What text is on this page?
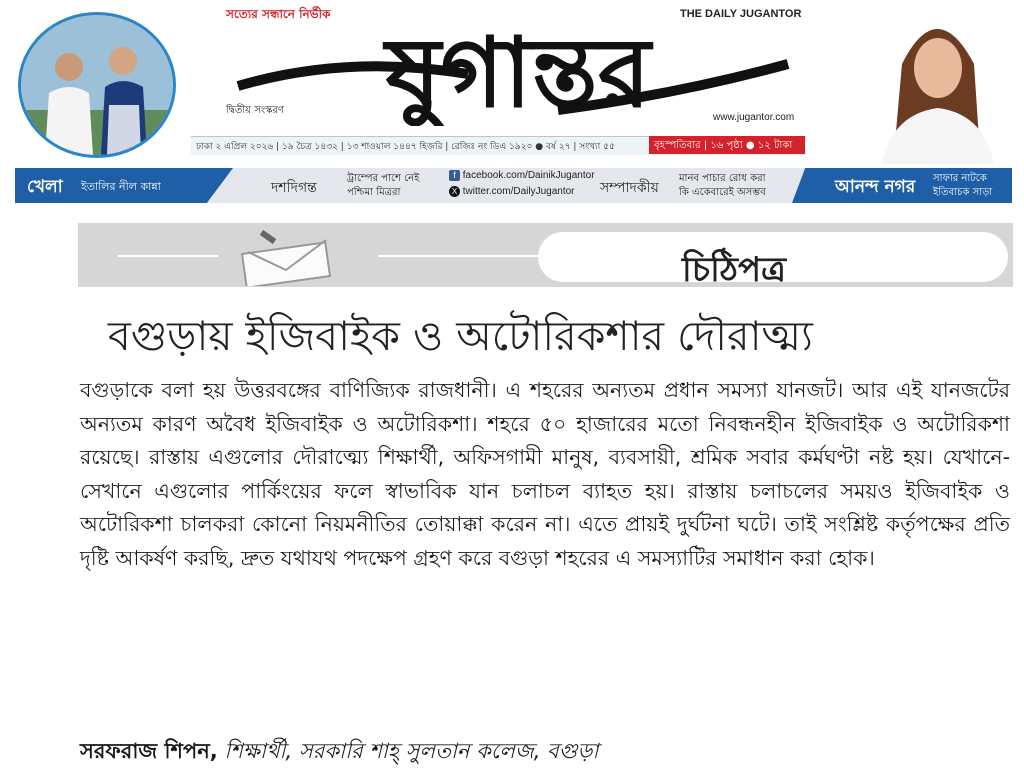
সত্যের সন্ধানে নির্ভীক	THE DAILY JUGANTOR
যুগান্তর
দ্বিতীয় সংস্করণ
www.jugantor.com
ঢাকা ২ এপ্রিল ২০২৬ | ১৯ চৈত্র ১৪৩২ | ১৩ শাওয়াল ১৪৪৭ হিজরি | রেজিঃ নং ডিএ ১৯২০ ● বর্ষ ২৭ | সংখ্যা ৫৫	বৃহস্পতিবার | ১৬ পৃষ্ঠা ● ১২ টাকা
খেলা ইতালির নীল কান্না	দশদিগন্ত
ট্রাম্পের পাশে নেই
পশ্চিমা মিত্ররা
f facebook.com/DainikJugantor
X twitter.com/DailyJugantor সম্পাদকীয়
মানব পাচার রোধ করা
কি একেবারেই অসম্ভব	আনন্দ নগর সাফার নাটকে
ইতিবাচক সাড়া
চিঠিপত্র
বগুড়ায় ইজিবাইক ও অটোরিকশার দৌরাত্ম্য

বগুড়াকে বলা হয় উত্তরবঙ্গের বাণিজ্যিক রাজধানী। এ শহরের অন্যতম প্রধান সমস্যা যানজট। আর এই যানজটের অন্যতম কারণ অবৈধ ইজিবাইক ও অটোরিকশা। শহরে ৫০ হাজারের মতো নিবন্ধনহীন ইজিবাইক ও অটোরিকশা রয়েছে। রাস্তায় এগুলোর দৌরাত্ম্যে শিক্ষার্থী, অফিসগামী মানুষ, ব্যবসায়ী, শ্রমিক সবার কর্মঘণ্টা নষ্ট হয়। যেখানে-সেখানে এগুলোর পার্কিংয়ের ফলে স্বাভাবিক যান চলাচল ব্যাহত হয়। রাস্তায় চলাচলের সময়ও ইজিবাইক ও অটোরিকশা চালকরা কোনো নিয়মনীতির তোয়াক্কা করেন না। এতে প্রায়ই দুর্ঘটনা ঘটে। তাই সংশ্লিষ্ট কর্তৃপক্ষের প্রতি দৃষ্টি আকর্ষণ করছি, দ্রুত যথাযথ পদক্ষেপ গ্রহণ করে বগুড়া শহরের এ সমস্যাটির সমাধান করা হোক।

সরফরাজ শিপন, শিক্ষার্থী, সরকারি শাহ্ সুলতান কলেজ, বগুড়া
